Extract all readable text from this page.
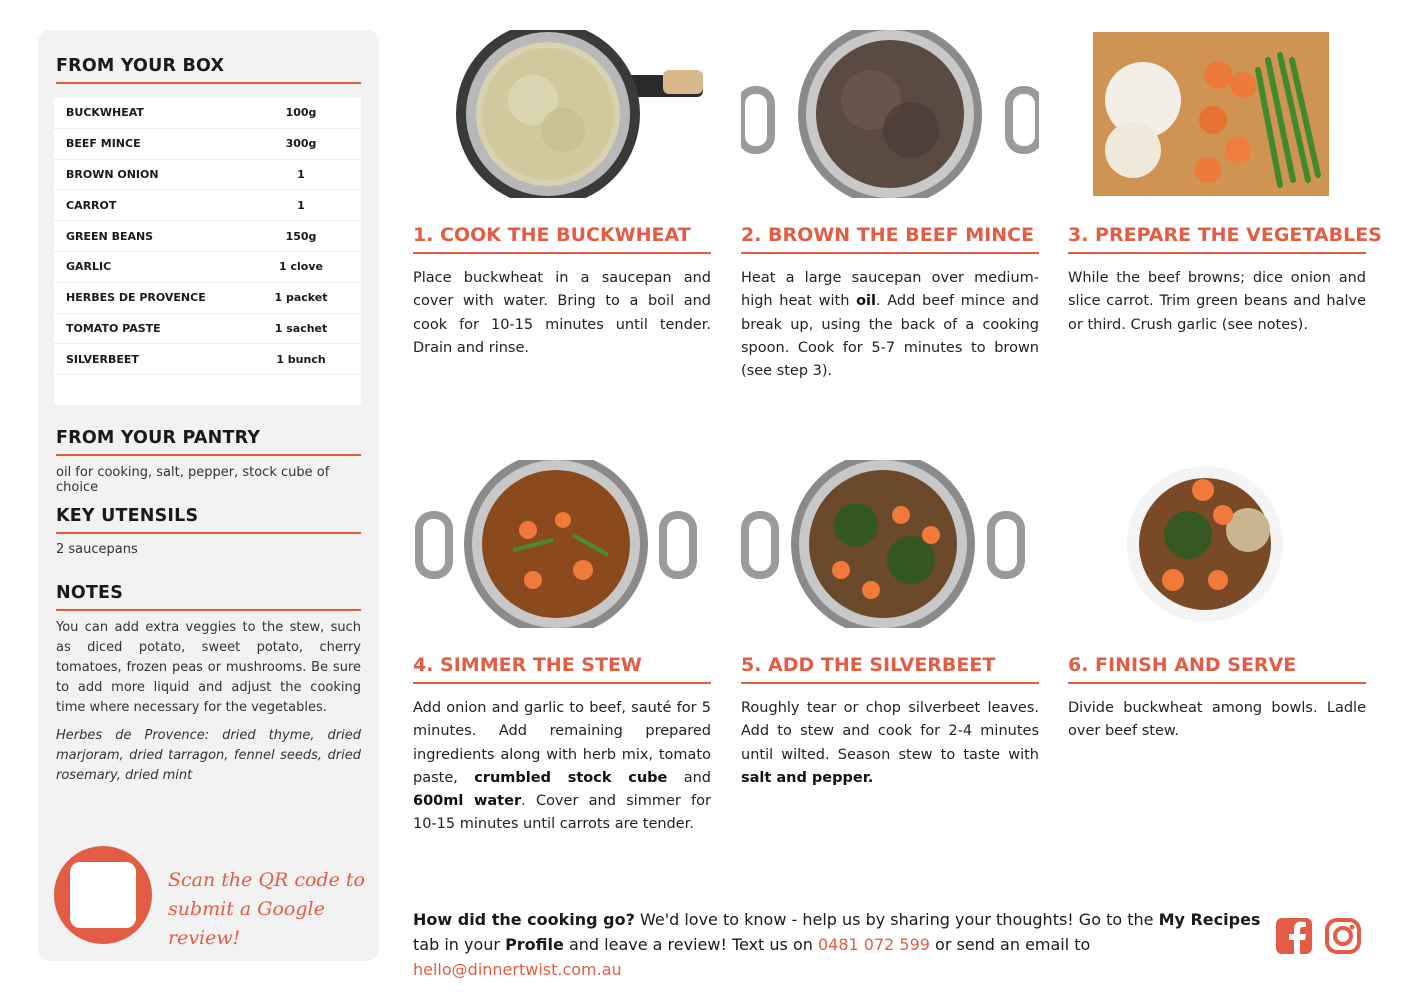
FROM YOUR BOX
BUCKWHEAT	100g
BEEF MINCE	300g
BROWN ONION	1
CARROT	1
GREEN BEANS	150g
GARLIC	1 clove
HERBES DE PROVENCE	1 packet
TOMATO PASTE	1 sachet
SILVERBEET	1 bunch
FROM YOUR PANTRY
oil for cooking, salt, pepper, stock cube of choice
KEY UTENSILS
2 saucepans
NOTES
You can add extra veggies to the stew, such as diced potato, sweet potato, cherry tomatoes, frozen peas or mushrooms. Be sure to add more liquid and adjust the cooking time where necessary for the vegetables.
Herbes de Provence: dried thyme, dried marjoram, dried tarragon, fennel seeds, dried rosemary, dried mint
Scan the QR code to
submit a Google review!
1. COOK THE BUCKWHEAT
Place buckwheat in a saucepan and cover with water. Bring to a boil and cook for 10-15 minutes until tender. Drain and rinse.
2. BROWN THE BEEF MINCE
Heat a large saucepan over medium-high heat with oil. Add beef mince and break up, using the back of a cooking spoon. Cook for 5-7 minutes to brown (see step 3).
3. PREPARE THE VEGETABLES
While the beef browns; dice onion and slice carrot. Trim green beans and halve or third. Crush garlic (see notes).
4. SIMMER THE STEW
Add onion and garlic to beef, sauté for 5 minutes. Add remaining prepared ingredients along with herb mix, tomato paste, crumbled stock cube and 600ml water. Cover and simmer for 10-15 minutes until carrots are tender.
5. ADD THE SILVERBEET
Roughly tear or chop silverbeet leaves. Add to stew and cook for 2-4 minutes until wilted. Season stew to taste with salt and pepper.
6. FINISH AND SERVE
Divide buckwheat among bowls. Ladle over beef stew.
How did the cooking go? We'd love to know - help us by sharing your thoughts! Go to the My Recipes tab in your Profile and leave a review! Text us on 0481 072 599 or send an email to hello@dinnertwist.com.au
